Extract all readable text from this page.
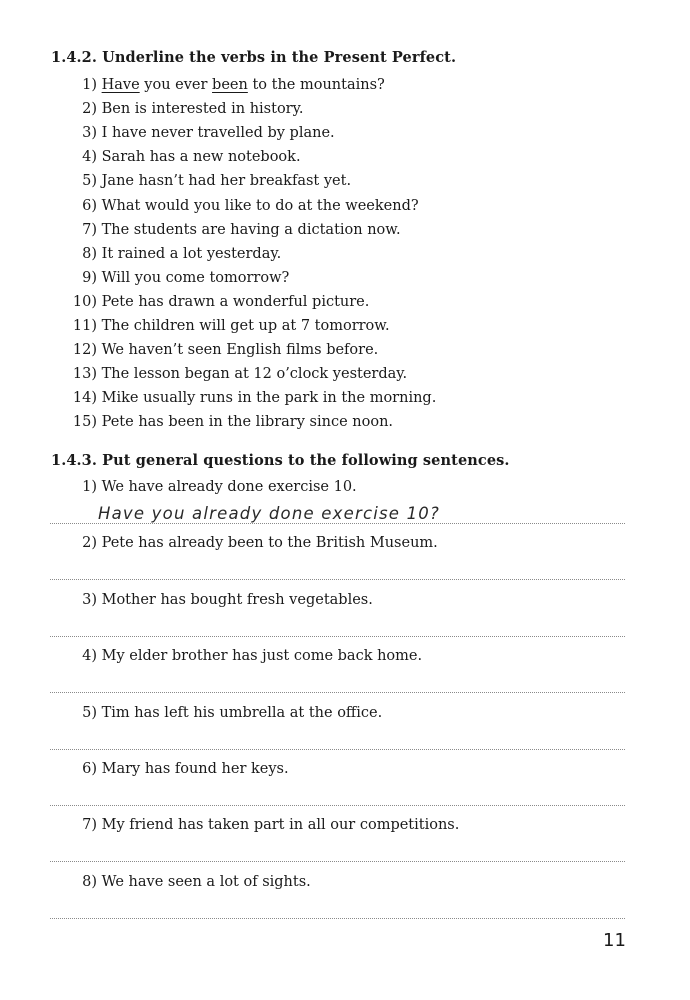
1.4.2. Underline the verbs in the Present Perfect.
1) Have you ever been to the mountains?
2) Ben is interested in history.
3) I have never travelled by plane.
4) Sarah has a new notebook.
5) Jane hasn’t had her breakfast yet.
6) What would you like to do at the weekend?
7) The students are having a dictation now.
8) It rained a lot yesterday.
9) Will you come tomorrow?
10) Pete has drawn a wonderful picture.
11) The children will get up at 7 tomorrow.
12) We haven’t seen English films before.
13) The lesson began at 12 o’clock yesterday.
14) Mike usually runs in the park in the morning.
15) Pete has been in the library since noon.
1.4.3. Put general questions to the following sentences.
1) We have already done exercise 10.
Have you already done exercise 10?
2) Pete has already been to the British Museum.
3) Mother has bought fresh vegetables.
4) My elder brother has just come back home.
5) Tim has left his umbrella at the office.
6) Mary has found her keys.
7) My friend has taken part in all our competitions.
8) We have seen a lot of sights.
11
